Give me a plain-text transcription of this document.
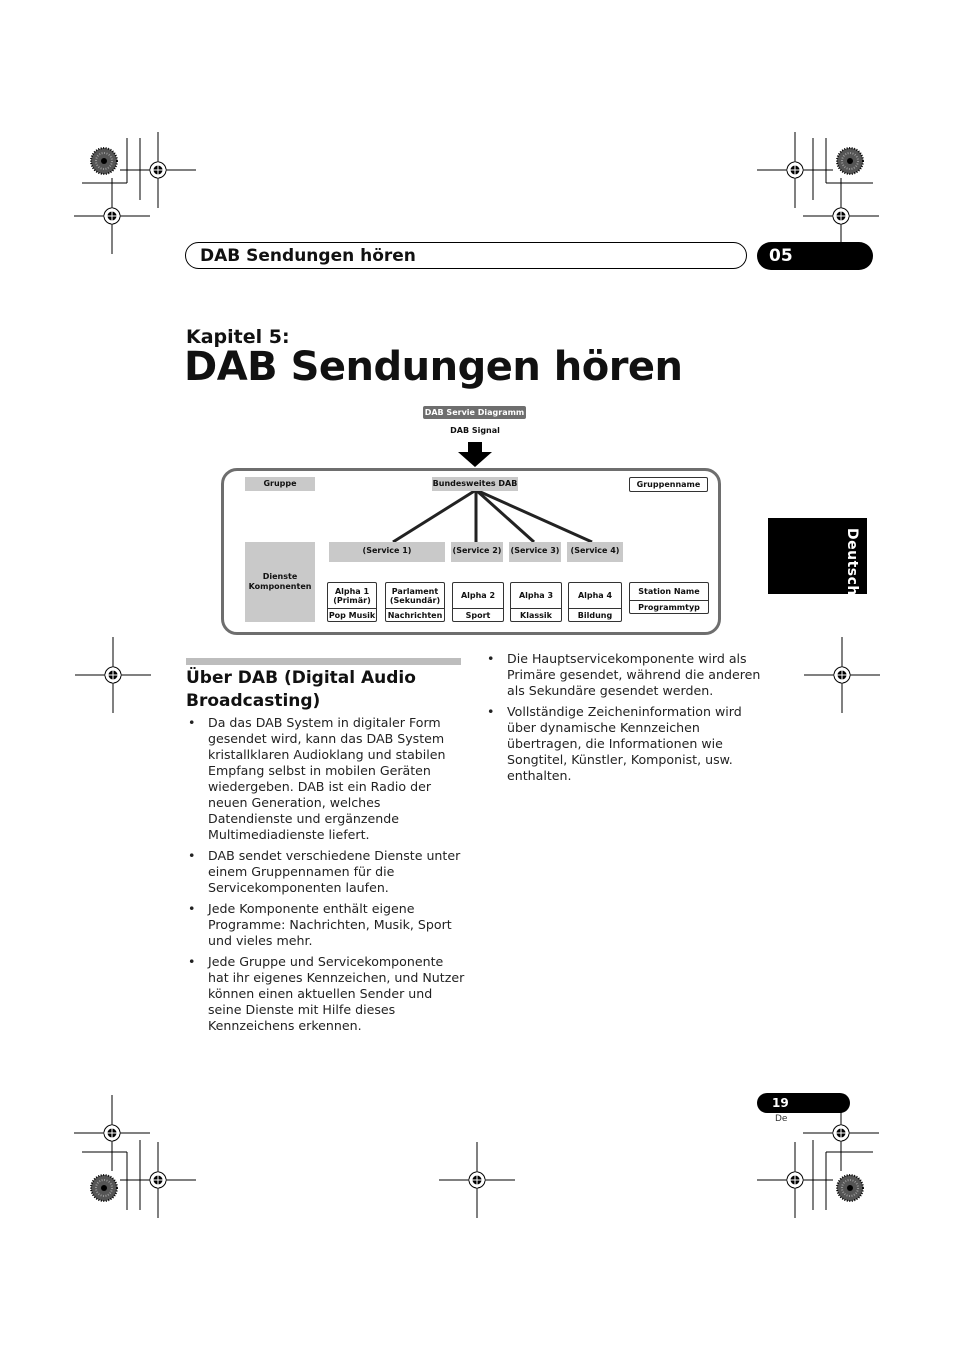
DAB Sendungen hören	05
Kapitel 5:
DAB Sendungen hören
Deutsch
DAB Servie Diagramm
DAB Signal
Gruppe	Bundesweites DAB	Gruppenname
(Service 1)	(Service 2) (Service 3)	(Service 4)
Dienste
Komponenten	Alpha 1
(Primär)
Pop Musik
Parlament
(Sekundär)
Nachrichten
Alpha 2
Sport
Alpha 3
Klassik
Alpha 4
Bildung
Station Name
Programmtyp
Über DAB (Digital Audio Broadcasting)
• Da das DAB System in digitaler Form gesendet wird, kann das DAB System kristallklaren Audioklang und stabilen Empfang selbst in mobilen Geräten wiedergeben. DAB ist ein Radio der neuen Generation, welches Datendienste und ergänzende Multimediadienste liefert.
• DAB sendet verschiedene Dienste unter einem Gruppennamen für die Servicekomponenten laufen.
• Jede Komponente enthält eigene Programme: Nachrichten, Musik, Sport und vieles mehr.
• Jede Gruppe und Servicekomponente hat ihr eigenes Kennzeichen, und Nutzer können einen aktuellen Sender und seine Dienste mit Hilfe dieses Kennzeichens erkennen.
• Die Hauptservicekomponente wird als Primäre gesendet, während die anderen als Sekundäre gesendet werden.
• Vollständige Zeicheninformation wird über dynamische Kennzeichen übertragen, die Informationen wie Songtitel, Künstler, Komponist, usw. enthalten.
19
De
